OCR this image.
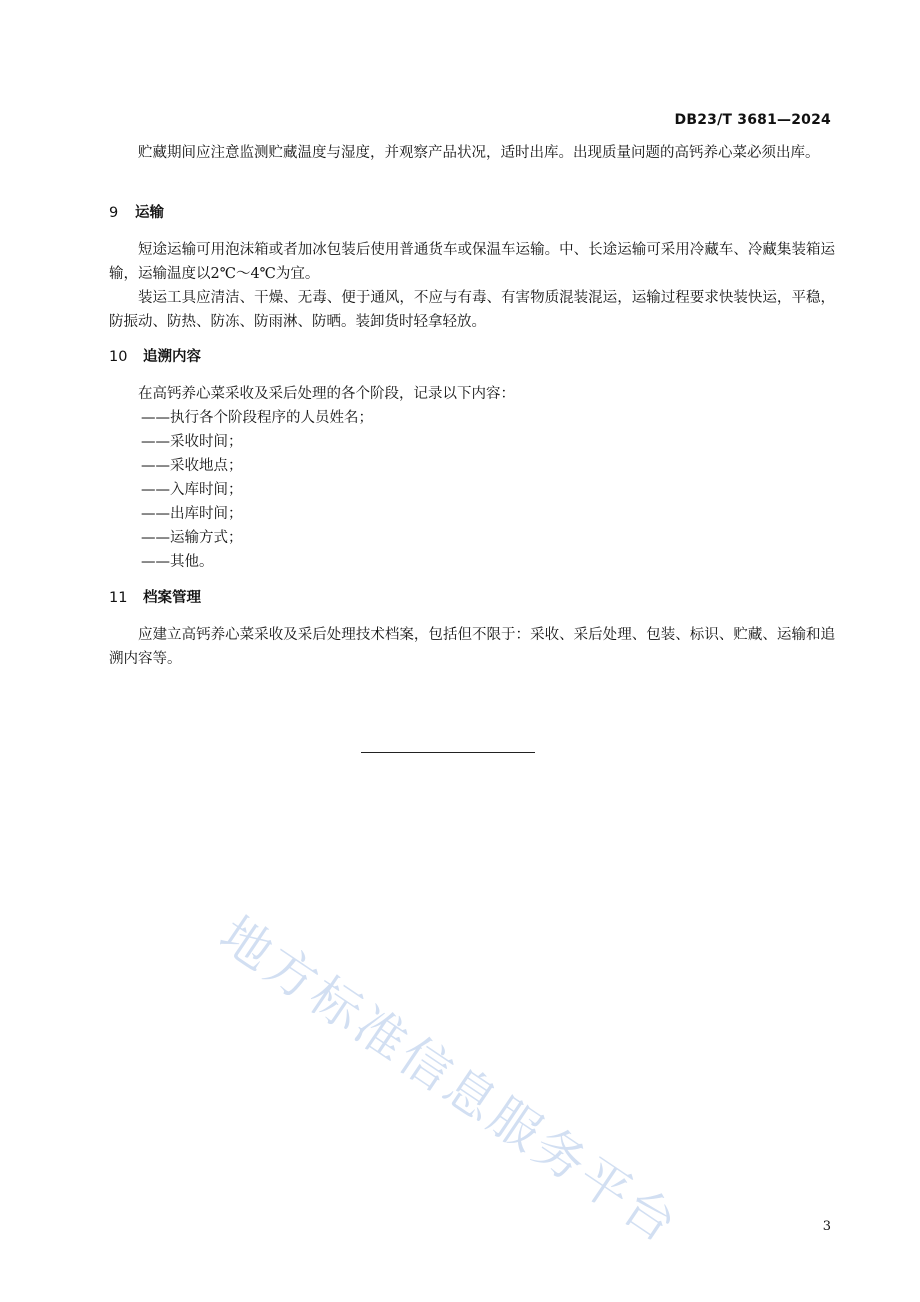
DB23/T 3681—2024

贮藏期间应注意监测贮藏温度与湿度，并观察产品状况，适时出库。出现质量问题的高钙养心菜必须出库。

9 运输

短途运输可用泡沫箱或者加冰包装后使用普通货车或保温车运输。中、长途运输可采用冷藏车、冷藏集装箱运输，运输温度以2℃～4℃为宜。

装运工具应清洁、干燥、无毒、便于通风，不应与有毒、有害物质混装混运，运输过程要求快装快运，平稳，防振动、防热、防冻、防雨淋、防晒。装卸货时轻拿轻放。

10 追溯内容

在高钙养心菜采收及采后处理的各个阶段，记录以下内容：

——执行各个阶段程序的人员姓名；
——采收时间；
——采收地点；
——入库时间；
——出库时间；
——运输方式；
——其他。
11 档案管理

应建立高钙养心菜采收及采后处理技术档案，包括但不限于：采收、采后处理、包装、标识、贮藏、运输和追溯内容等。

地方标准信息服务平台	3
